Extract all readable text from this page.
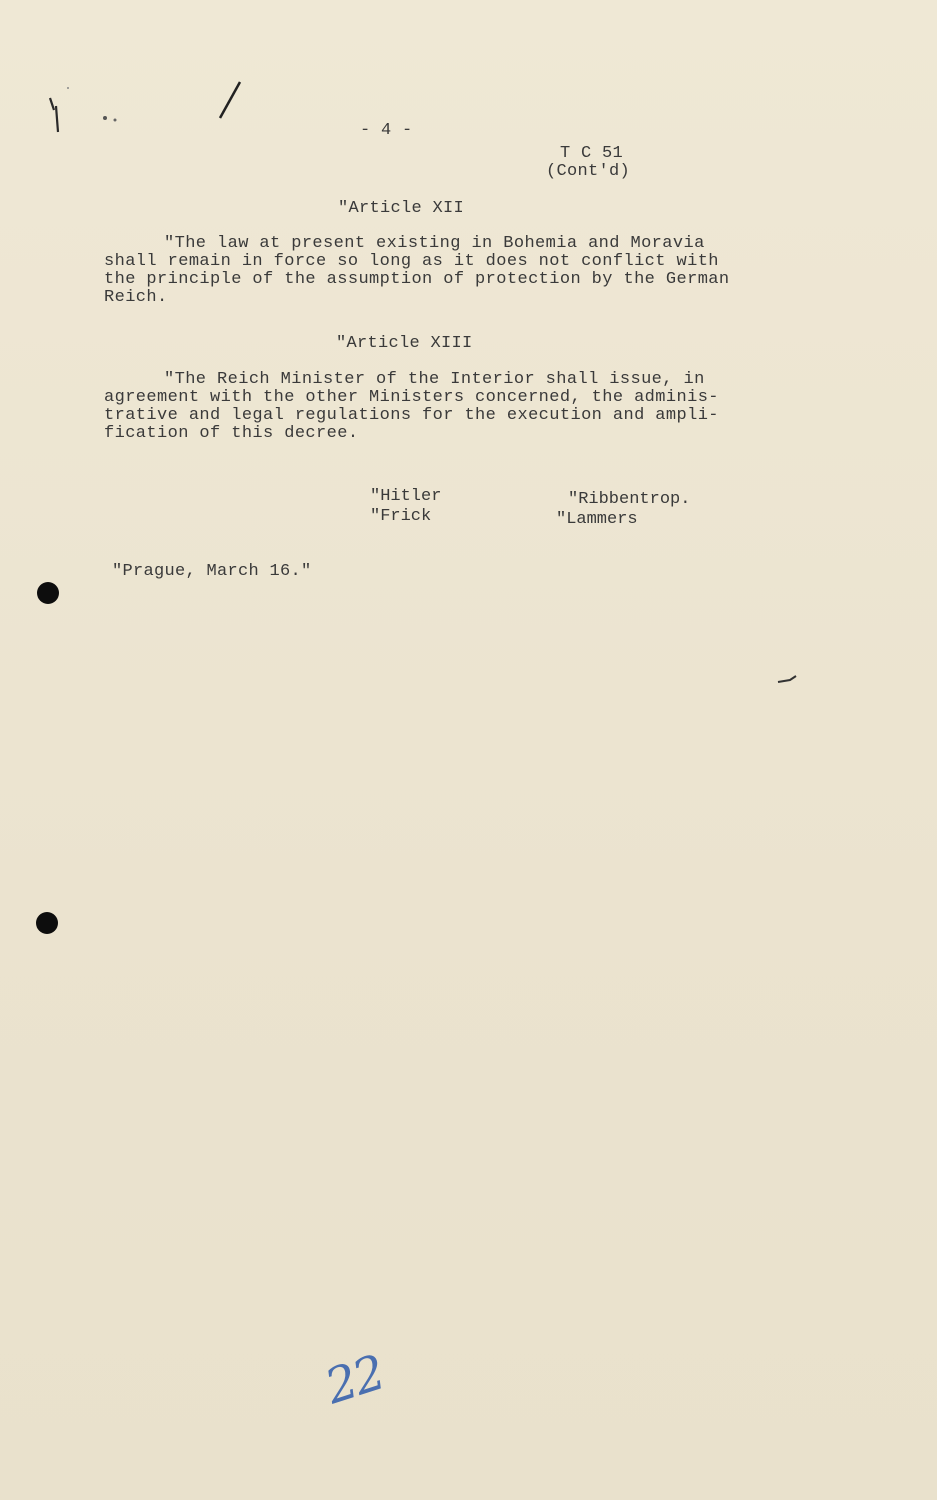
- 4 -
T C 51
(Cont'd)
"Article XII
"The law at present existing in Bohemia and Moravia
shall remain in force so long as it does not conflict with
the principle of the assumption of protection by the German
Reich.
"Article XIII
"The Reich Minister of the Interior shall issue, in
agreement with the other Ministers concerned, the adminis-
trative and legal regulations for the execution and ampli-
fication of this decree.
"Hitler
"Frick
"Ribbentrop.
"Lammers
"Prague, March 16."
22
